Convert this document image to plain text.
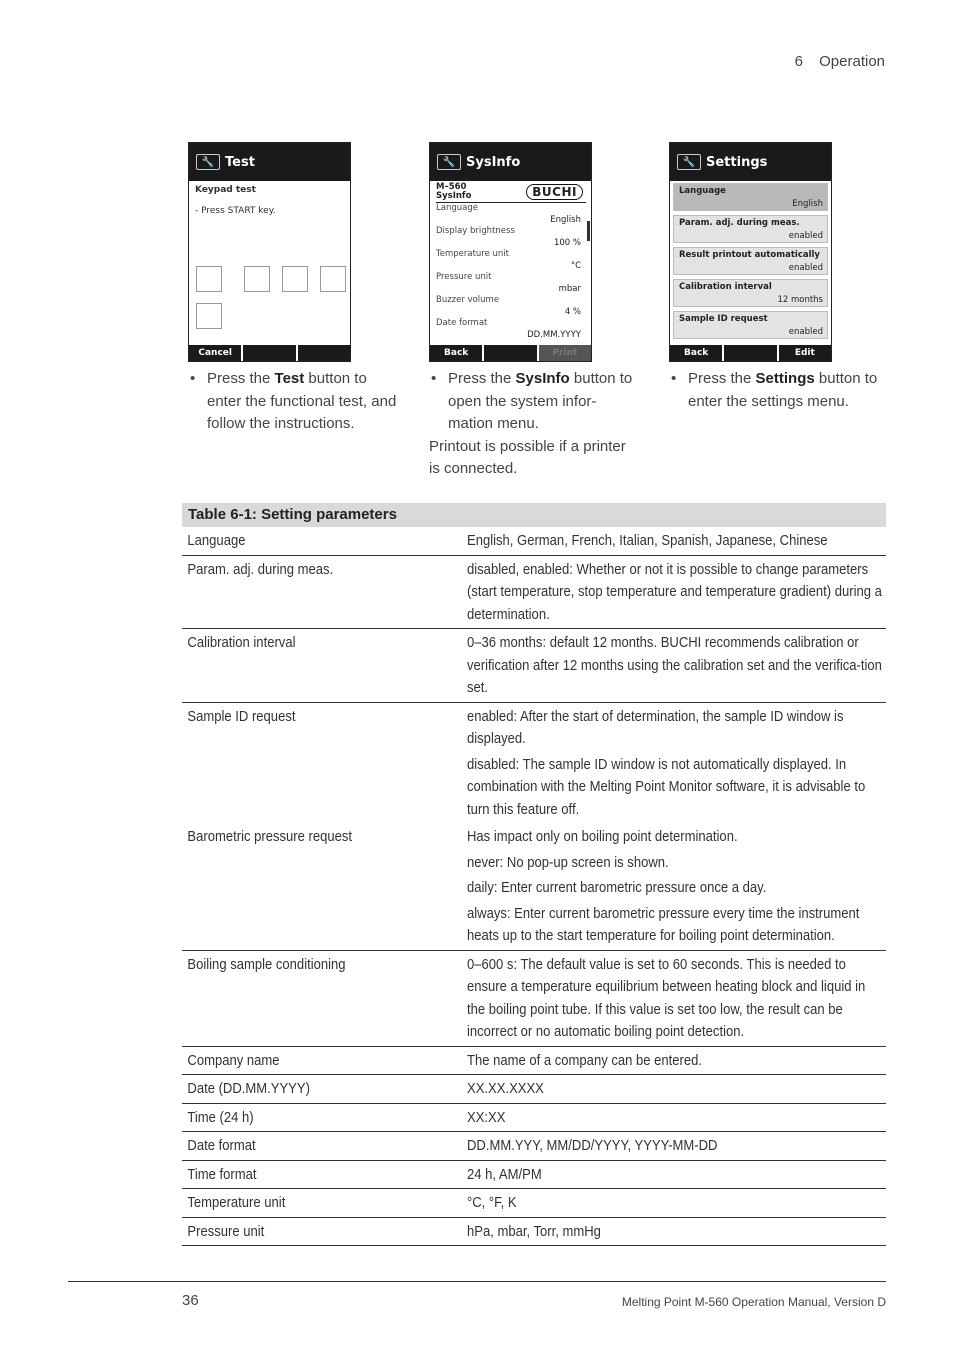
6 Operation
🔧 Test
Keypad test
- Press START key.
Cancel
🔧 SysInfo
M–560
SysInfo	BUCHI
Language
English
Display brightness
100 %
Temperature unit
°C
Pressure unit
mbar
Buzzer volume
4 %
Date format
DD.MM.YYYY
Back	Print
🔧 Settings
Language
English
Param. adj. during meas.
enabled
Result printout automatically
enabled
Calibration interval
12 months
Sample ID request
enabled
Back	Edit
• Press the Test button to enter the functional test, and follow the instructions.
• Press the SysInfo button to open the system infor-mation menu.
Printout is possible if a printer is connected.
• Press the Settings button to enter the settings menu.
Table 6-1: Setting parameters
Language	English, German, French, Italian, Spanish, Japanese, Chinese

Param. adj. during meas.	disabled, enabled: Whether or not it is possible to change parameters (start temperature, stop temperature and temperature gradient) during a determination.

Calibration interval	0–36 months: default 12 months. BUCHI recommends calibration or verification after 12 months using the calibration set and the verifica-tion set.

Sample ID request	enabled: After the start of determination, the sample ID window is displayed.

disabled: The sample ID window is not automatically displayed. In combination with the Melting Point Monitor software, it is advisable to turn this feature off.

Barometric pressure request	Has impact only on boiling point determination.

never: No pop-up screen is shown.

daily: Enter current barometric pressure once a day.

always: Enter current barometric pressure every time the instrument heats up to the start temperature for boiling point determination.

Boiling sample conditioning	0–600 s: The default value is set to 60 seconds. This is needed to ensure a temperature equilibrium between heating block and liquid in the boiling point tube. If this value is set too low, the result can be incorrect or no automatic boiling point detection.

Company name	The name of a company can be entered.

Date (DD.MM.YYYY)	XX.XX.XXXX

Time (24 h)	XX:XX

Date format	DD.MM.YYY, MM/DD/YYYY, YYYY-MM-DD

Time format	24 h, AM/PM

Temperature unit	°C, °F, K

Pressure unit	hPa, mbar, Torr, mmHg

36	Melting Point M-560 Operation Manual, Version D
